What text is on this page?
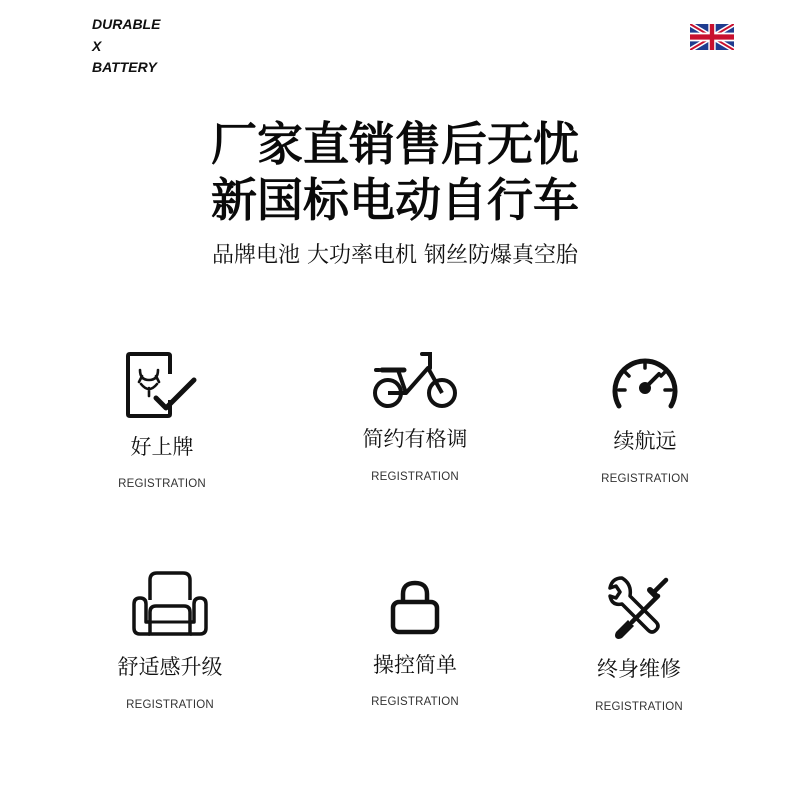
DURABLE
X
BATTERY
厂家直销售后无忧
新国标电动自行车
品牌电池 大功率电机 钢丝防爆真空胎
好上牌
REGISTRATION
简约有格调
REGISTRATION
续航远
REGISTRATION
舒适感升级
REGISTRATION
操控简单
REGISTRATION
终身维修
REGISTRATION
